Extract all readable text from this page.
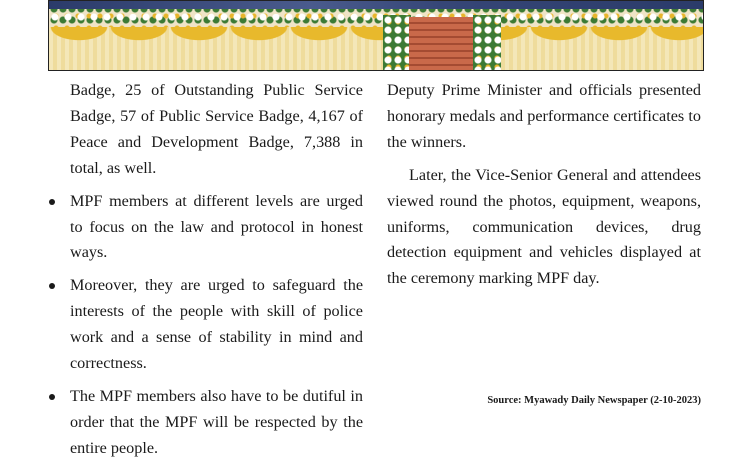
Badge, 25 of Outstanding Public Service Badge, 57 of Public Service Badge, 4,167 of Peace and Development Badge, 7,388 in total, as well.

MPF members at different levels are urged to focus on the law and protocol in honest ways.
Moreover, they are urged to safeguard the interests of the people with skill of police work and a sense of stability in mind and correctness.
The MPF members also have to be dutiful in order that the MPF will be respected by the entire people.

Deputy Prime Minister and officials presented honorary medals and performance certificates to the winners.

Later, the Vice-Senior General and attendees viewed round the photos, equipment, weapons, uniforms, communication devices, drug detection equipment and vehicles displayed at the ceremony marking MPF day.

Source: Myawady Daily Newspaper (2-10-2023)
